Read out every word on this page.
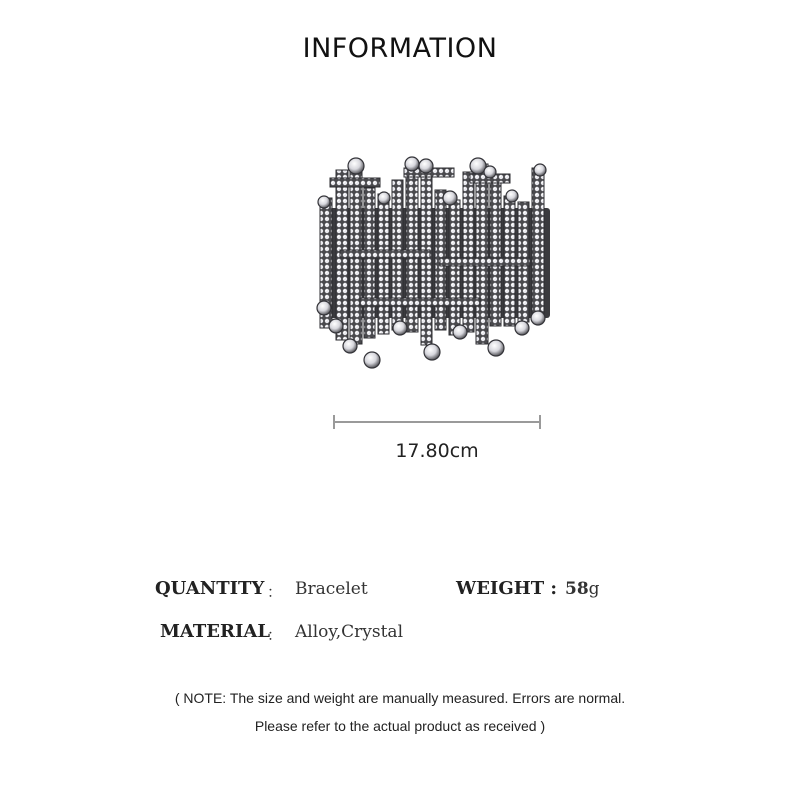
INFORMATION
17.80cm
QUANTITY ： Bracelet	WEIGHT : 58g
MATERIAL
： Alloy,Crystal
( NOTE: The size and weight are manually measured. Errors are normal.
Please refer to the actual product as received )
